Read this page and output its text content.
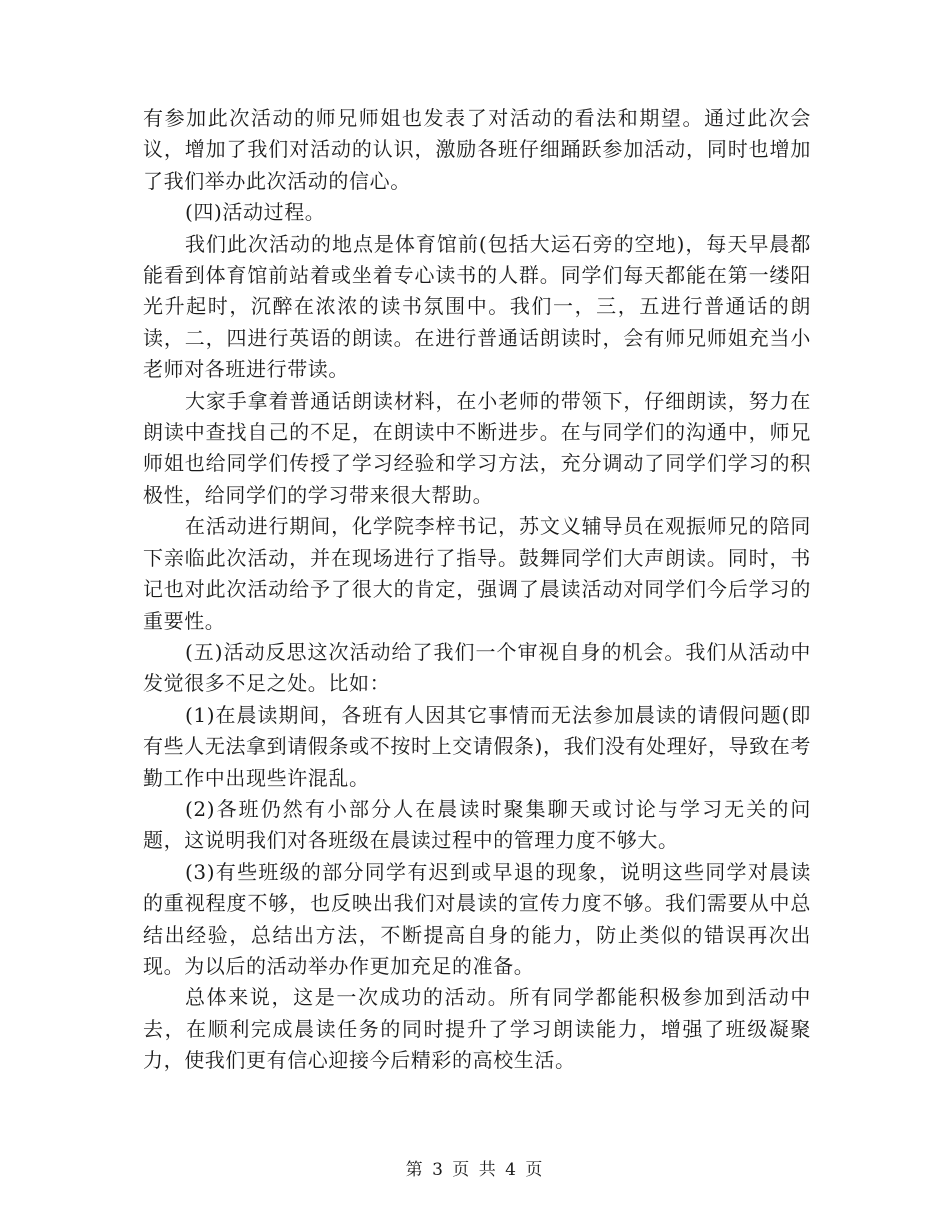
有参加此次活动的师兄师姐也发表了对活动的看法和期望。通过此次会议，增加了我们对活动的认识，激励各班仔细踊跃参加活动，同时也增加了我们举办此次活动的信心。

(四)活动过程。

我们此次活动的地点是体育馆前(包括大运石旁的空地)，每天早晨都能看到体育馆前站着或坐着专心读书的人群。同学们每天都能在第一缕阳光升起时，沉醉在浓浓的读书氛围中。我们一，三，五进行普通话的朗读，二，四进行英语的朗读。在进行普通话朗读时，会有师兄师姐充当小老师对各班进行带读。

大家手拿着普通话朗读材料，在小老师的带领下，仔细朗读，努力在朗读中查找自己的不足，在朗读中不断进步。在与同学们的沟通中，师兄师姐也给同学们传授了学习经验和学习方法，充分调动了同学们学习的积极性，给同学们的学习带来很大帮助。

在活动进行期间，化学院李梓书记，苏文义辅导员在观振师兄的陪同下亲临此次活动，并在现场进行了指导。鼓舞同学们大声朗读。同时，书记也对此次活动给予了很大的肯定，强调了晨读活动对同学们今后学习的重要性。

(五)活动反思这次活动给了我们一个审视自身的机会。我们从活动中发觉很多不足之处。比如：

(1)在晨读期间，各班有人因其它事情而无法参加晨读的请假问题(即有些人无法拿到请假条或不按时上交请假条)，我们没有处理好，导致在考勤工作中出现些许混乱。

(2)各班仍然有小部分人在晨读时聚集聊天或讨论与学习无关的问题，这说明我们对各班级在晨读过程中的管理力度不够大。

(3)有些班级的部分同学有迟到或早退的现象，说明这些同学对晨读的重视程度不够，也反映出我们对晨读的宣传力度不够。我们需要从中总结出经验，总结出方法，不断提高自身的能力，防止类似的错误再次出现。为以后的活动举办作更加充足的准备。

总体来说，这是一次成功的活动。所有同学都能积极参加到活动中去，在顺利完成晨读任务的同时提升了学习朗读能力，增强了班级凝聚力，使我们更有信心迎接今后精彩的高校生活。

第 3 页 共 4 页
